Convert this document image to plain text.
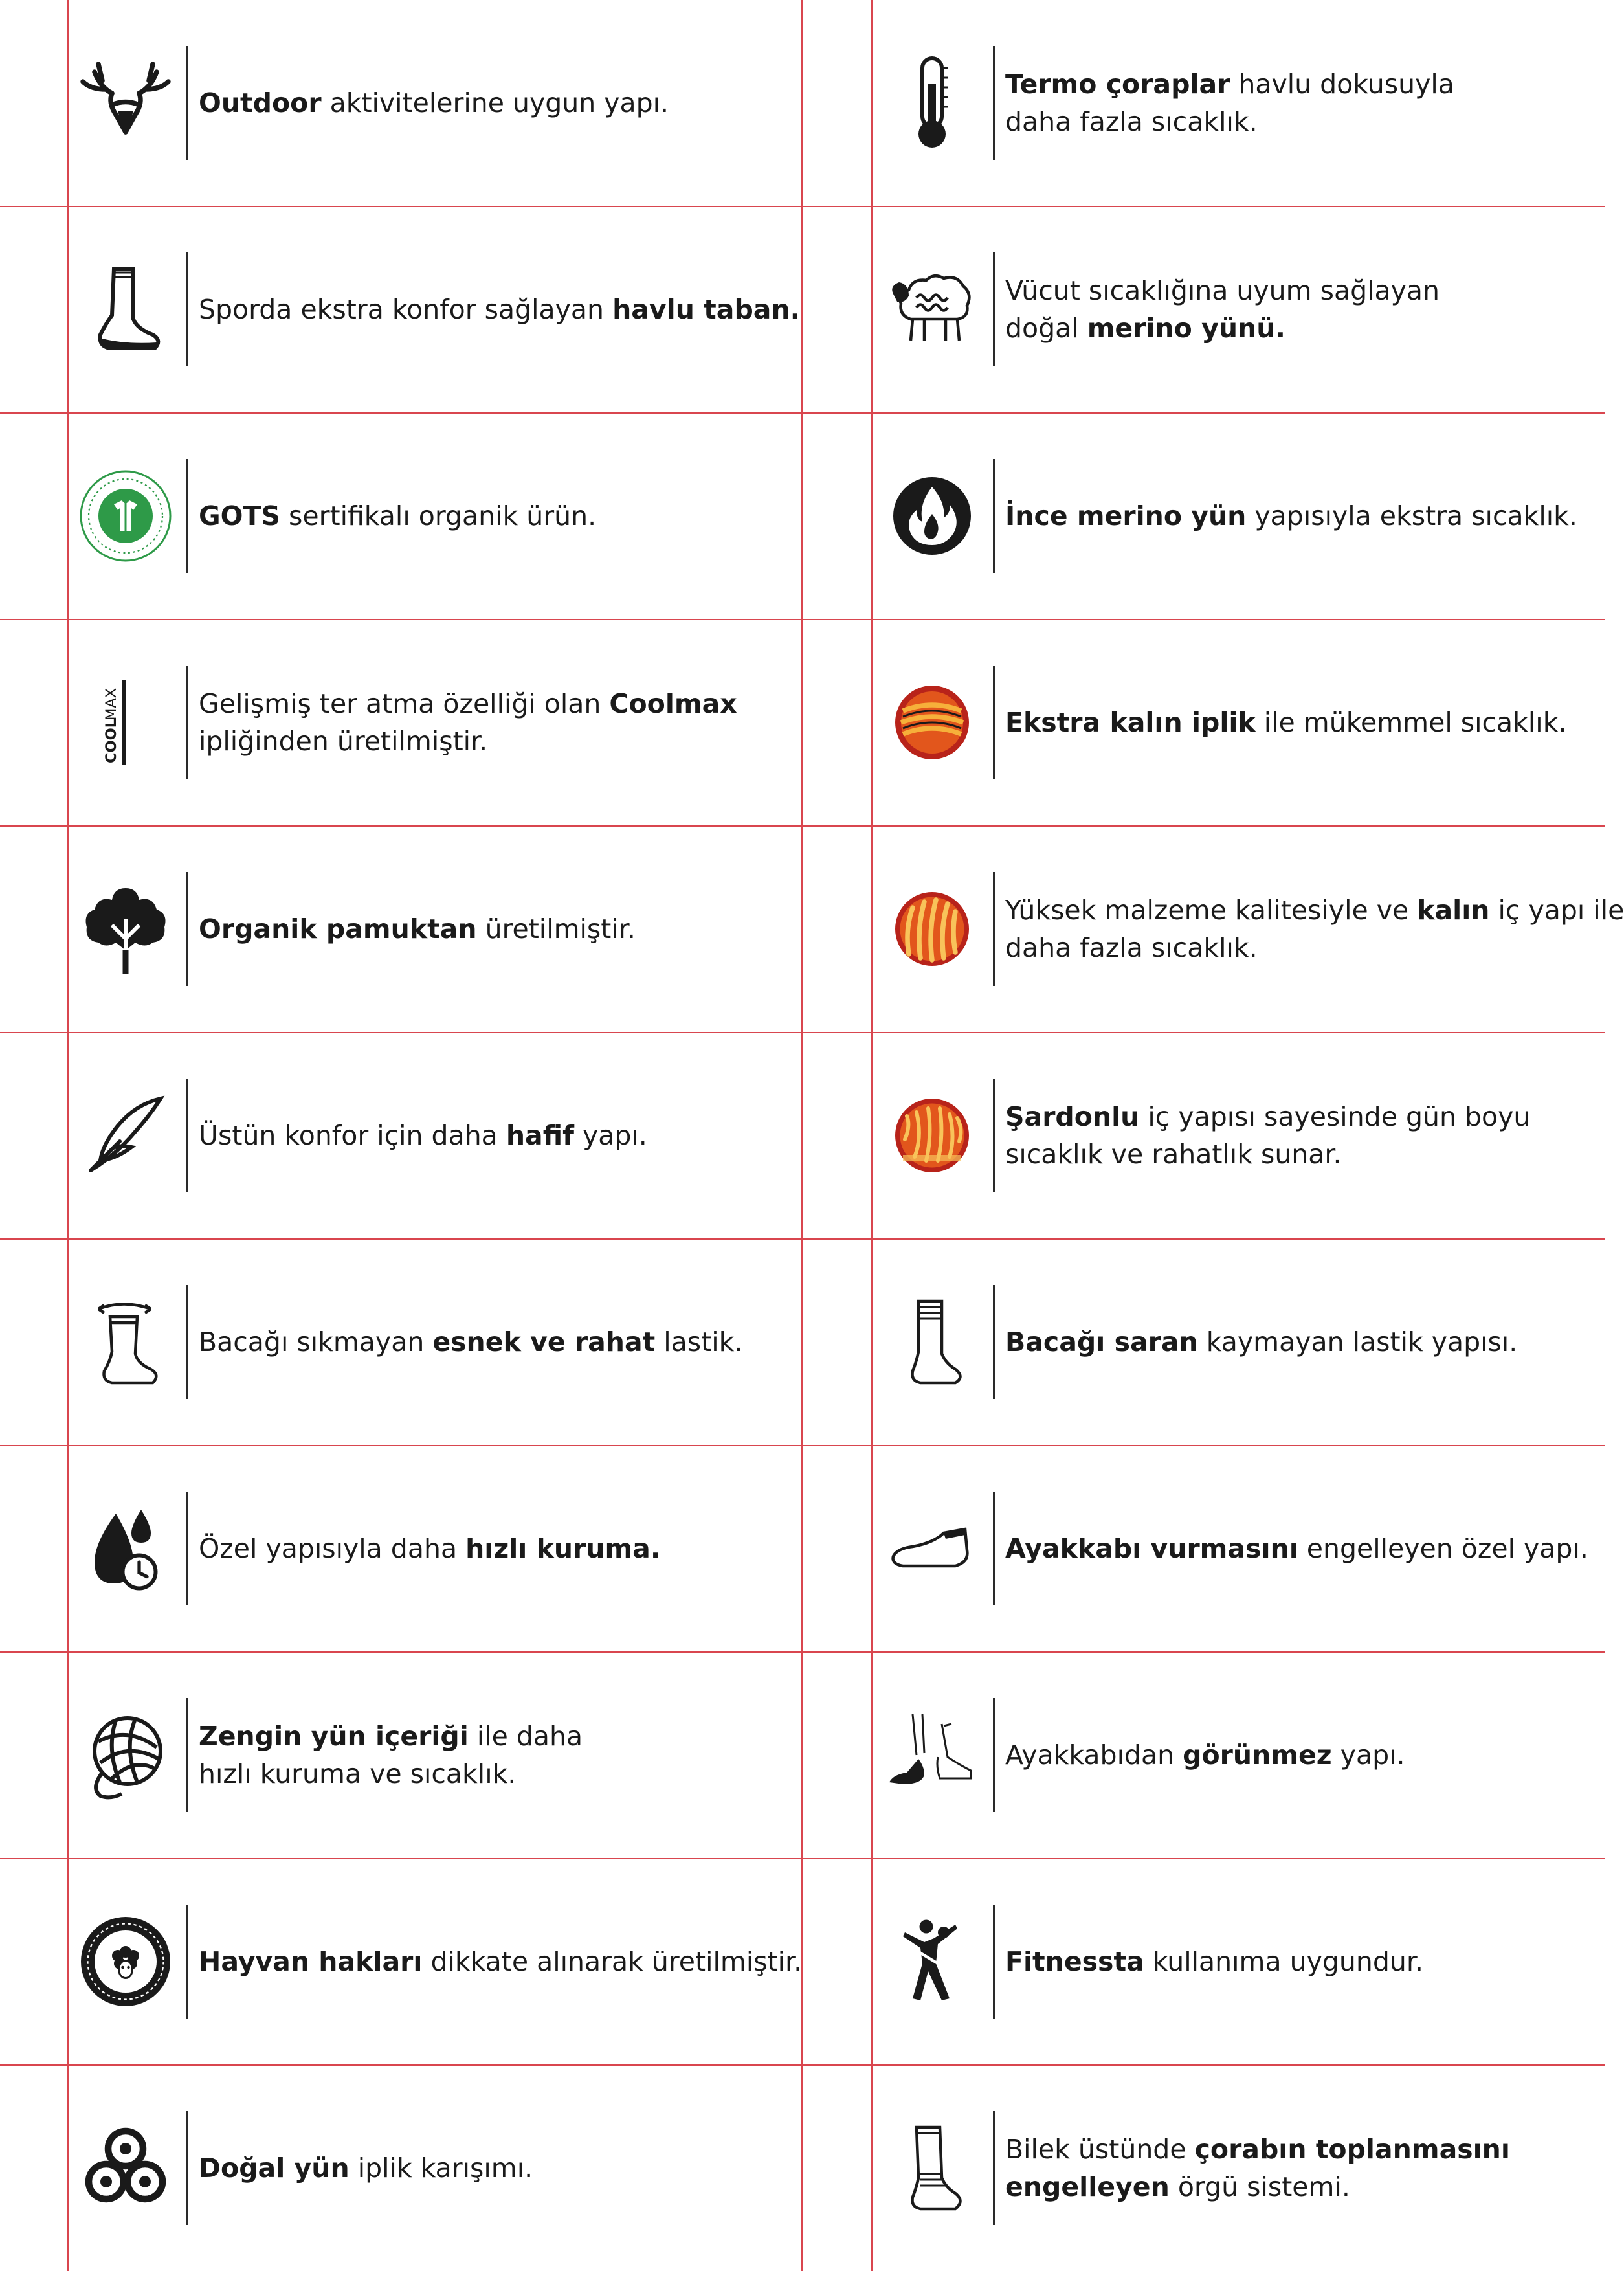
Outdoor aktivitelerine uygun yapı.
Sporda ekstra konfor sağlayan havlu taban.
GOTS sertifikalı organik ürün.
COOL
MAX	Gelişmiş ter atma özelliği olan Coolmax
ipliğinden üretilmiştir.
Organik pamuktan üretilmiştir.
Üstün konfor için daha hafif yapı.
Bacağı sıkmayan esnek ve rahat lastik.
Özel yapısıyla daha hızlı kuruma.
Zengin yün içeriği ile daha
hızlı kuruma ve sıcaklık.
Hayvan hakları dikkate alınarak üretilmiştir.
Doğal yün iplik karışımı.
Termo çoraplar havlu dokusuyla
daha fazla sıcaklık.
Vücut sıcaklığına uyum sağlayan
doğal merino yünü.
İnce merino yün yapısıyla ekstra sıcaklık.
Ekstra kalın iplik ile mükemmel sıcaklık.
Yüksek malzeme kalitesiyle ve kalın iç yapı ile
daha fazla sıcaklık.
Şardonlu iç yapısı sayesinde gün boyu
sıcaklık ve rahatlık sunar.
Bacağı saran kaymayan lastik yapısı.
Ayakkabı vurmasını engelleyen özel yapı.
Ayakkabıdan görünmez yapı.
Fitnessta kullanıma uygundur.
Bilek üstünde çorabın toplanmasını
engelleyen örgü sistemi.
